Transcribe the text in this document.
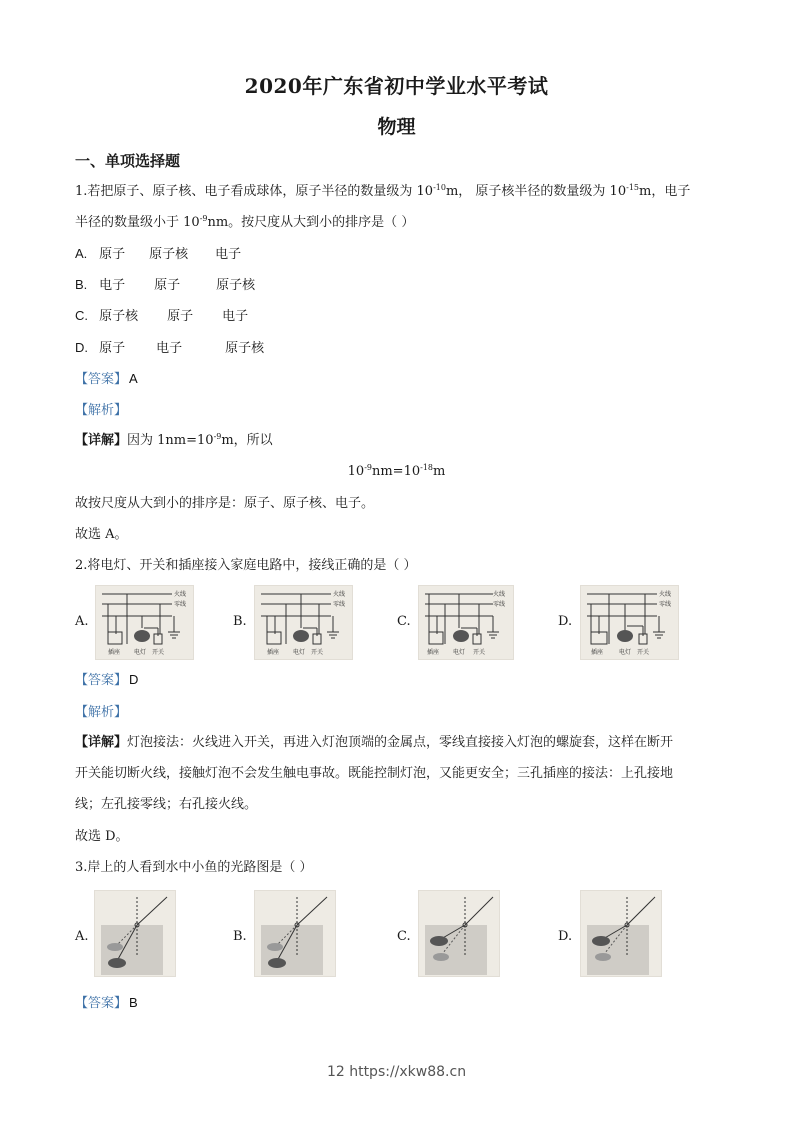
2020年广东省初中学业水平考试
物理
一、单项选择题
1.若把原子、原子核、电子看成球体，原子半径的数量级为 $10^{-10}m$， 原子核半径的数量级为 $10^{-15}m$，电子
半径的数量级小于 $10^{-9}nm$。按尺度从大到小的排序是（ ）
A. 原子 原子核 电子
B. 电子 原子	原子核
C. 原子核 原子 电子
D. 原子 电子	原子核
【答案】 A
【解析】
【详解】因为 $1nm=10^{-9}m$，所以
$10^{-9}nm=10^{-18}m$
故按尺度从大到小的排序是：原子、原子核、电子。
故选 A。
2.将电灯、开关和插座接入家庭电路中，接线正确的是（ ）
A.
火线
零线
插座 电灯 开关
B.
火线
零线
插座 电灯 开关
C.
火线
零线
插座 电灯 开关
D.
火线
零线
插座	电灯 开关
【答案】 D
【解析】
【详解】灯泡接法：火线进入开关，再进入灯泡顶端的金属点，零线直接接入灯泡的螺旋套，这样在断开
开关能切断火线，接触灯泡不会发生触电事故。既能控制灯泡，又能更安全；三孔插座的接法：上孔接地
线；左孔接零线；右孔接火线。
故选 D。
3.岸上的人看到水中小鱼的光路图是（ ）
A.	B.	C.	D.
【答案】 B
12 https://xkw88.cn
